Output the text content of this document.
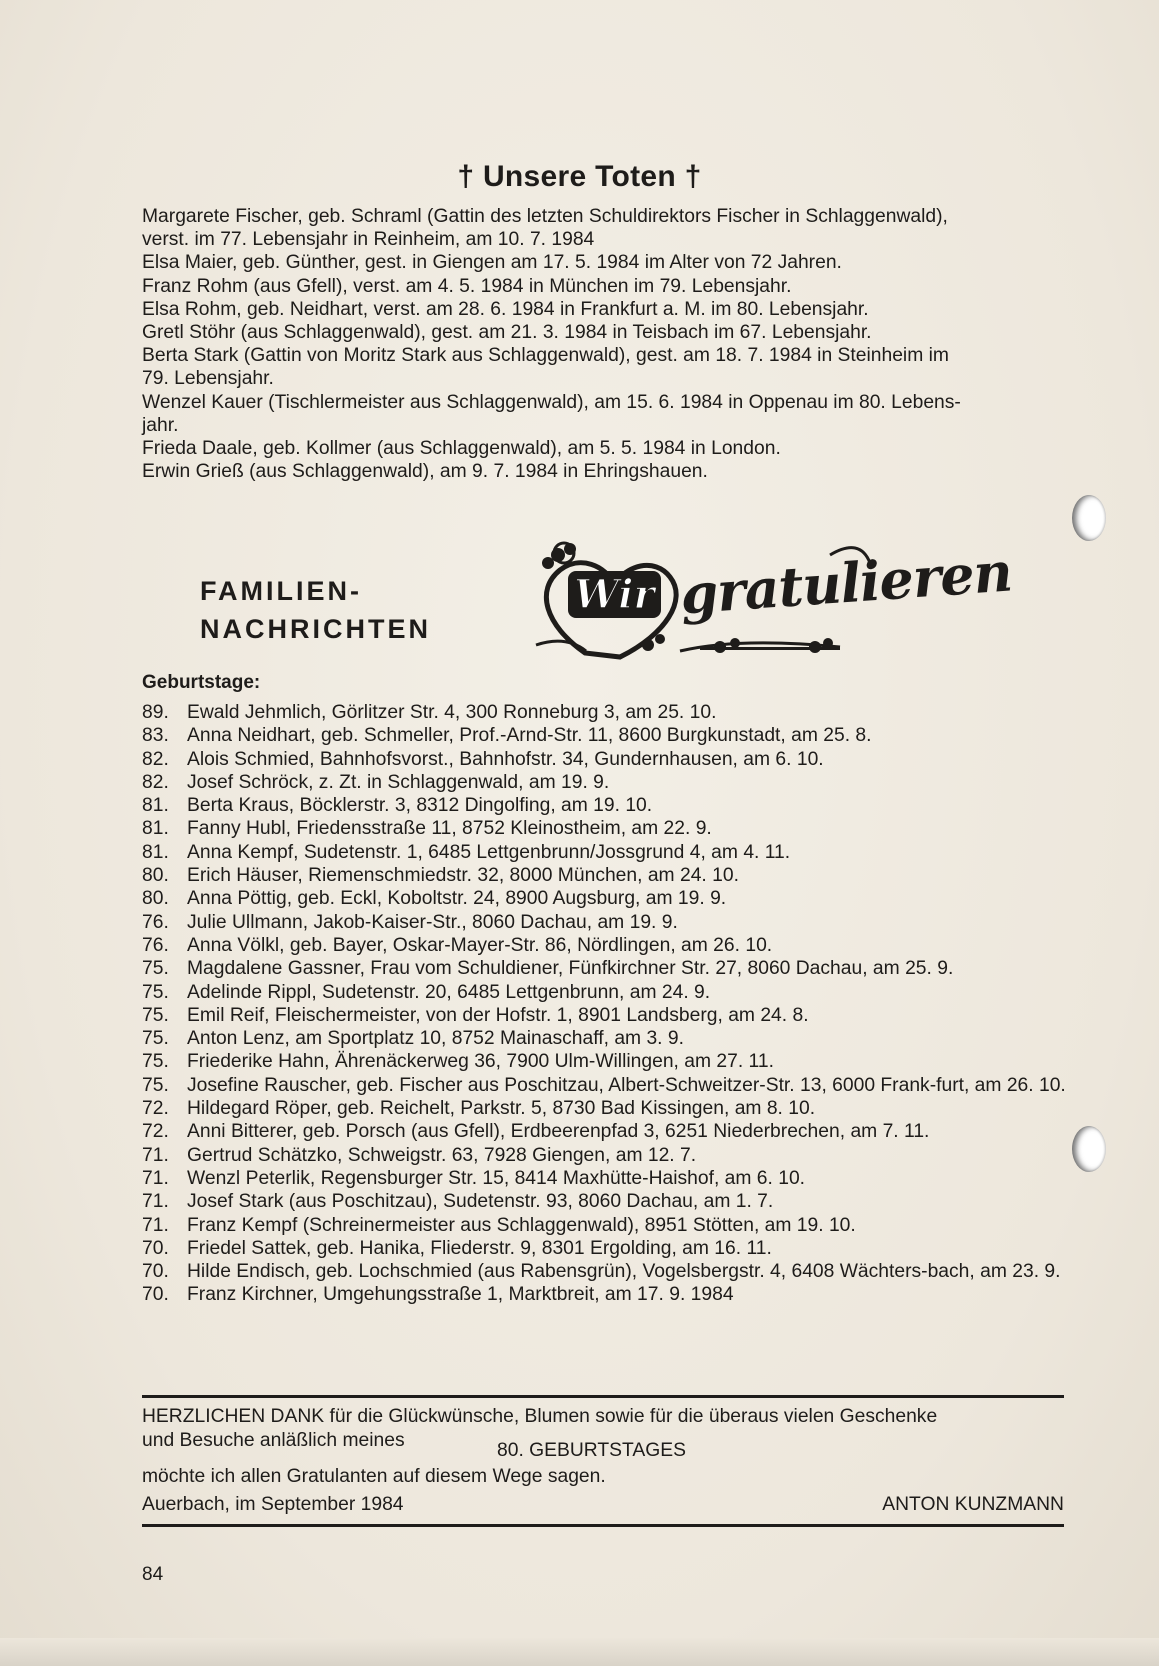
† Unsere Toten †
Margarete Fischer, geb. Schraml (Gattin des letzten Schuldirektors Fischer in Schlaggenwald),
verst. im 77. Lebensjahr in Reinheim, am 10. 7. 1984
Elsa Maier, geb. Günther, gest. in Giengen am 17. 5. 1984 im Alter von 72 Jahren.
Franz Rohm (aus Gfell), verst. am 4. 5. 1984 in München im 79. Lebensjahr.
Elsa Rohm, geb. Neidhart, verst. am 28. 6. 1984 in Frankfurt a. M. im 80. Lebensjahr.
Gretl Stöhr (aus Schlaggenwald), gest. am 21. 3. 1984 in Teisbach im 67. Lebensjahr.
Berta Stark (Gattin von Moritz Stark aus Schlaggenwald), gest. am 18. 7. 1984 in Steinheim im
79. Lebensjahr.
Wenzel Kauer (Tischlermeister aus Schlaggenwald), am 15. 6. 1984 in Oppenau im 80. Lebens-
jahr.
Frieda Daale, geb. Kollmer (aus Schlaggenwald), am 5. 5. 1984 in London.
Erwin Grieß (aus Schlaggenwald), am 9. 7. 1984 in Ehringshauen.
FAMILIEN-
NACHRICHTEN
Wir gratulieren
Geburtstage:
89. Ewald Jehmlich, Görlitzer Str. 4, 300 Ronneburg 3, am 25. 10.
83. Anna Neidhart, geb. Schmeller, Prof.-Arnd-Str. 11, 8600 Burgkunstadt, am 25. 8.
82. Alois Schmied, Bahnhofsvorst., Bahnhofstr. 34, Gundernhausen, am 6. 10.
82. Josef Schröck, z. Zt. in Schlaggenwald, am 19. 9.
81. Berta Kraus, Böcklerstr. 3, 8312 Dingolfing, am 19. 10.
81. Fanny Hubl, Friedensstraße 11, 8752 Kleinostheim, am 22. 9.
81. Anna Kempf, Sudetenstr. 1, 6485 Lettgenbrunn/Jossgrund 4, am 4. 11.
80. Erich Häuser, Riemenschmiedstr. 32, 8000 München, am 24. 10.
80. Anna Pöttig, geb. Eckl, Koboltstr. 24, 8900 Augsburg, am 19. 9.
76. Julie Ullmann, Jakob-Kaiser-Str., 8060 Dachau, am 19. 9.
76. Anna Völkl, geb. Bayer, Oskar-Mayer-Str. 86, Nördlingen, am 26. 10.
75. Magdalene Gassner, Frau vom Schuldiener, Fünfkirchner Str. 27, 8060 Dachau, am 25. 9.
75. Adelinde Rippl, Sudetenstr. 20, 6485 Lettgenbrunn, am 24. 9.
75. Emil Reif, Fleischermeister, von der Hofstr. 1, 8901 Landsberg, am 24. 8.
75. Anton Lenz, am Sportplatz 10, 8752 Mainaschaff, am 3. 9.
75. Friederike Hahn, Ährenäckerweg 36, 7900 Ulm-Willingen, am 27. 11.
75. Josefine Rauscher, geb. Fischer aus Poschitzau, Albert-Schweitzer-Str. 13, 6000 Frank-furt, am 26. 10.
72. Hildegard Röper, geb. Reichelt, Parkstr. 5, 8730 Bad Kissingen, am 8. 10.
72. Anni Bitterer, geb. Porsch (aus Gfell), Erdbeerenpfad 3, 6251 Niederbrechen, am 7. 11.
71. Gertrud Schätzko, Schweigstr. 63, 7928 Giengen, am 12. 7.
71. Wenzl Peterlik, Regensburger Str. 15, 8414 Maxhütte-Haishof, am 6. 10.
71. Josef Stark (aus Poschitzau), Sudetenstr. 93, 8060 Dachau, am 1. 7.
71. Franz Kempf (Schreinermeister aus Schlaggenwald), 8951 Stötten, am 19. 10.
70. Friedel Sattek, geb. Hanika, Fliederstr. 9, 8301 Ergolding, am 16. 11.
70. Hilde Endisch, geb. Lochschmied (aus Rabensgrün), Vogelsbergstr. 4, 6408 Wächters-bach, am 23. 9.
70. Franz Kirchner, Umgehungsstraße 1, Marktbreit, am 17. 9. 1984
HERZLICHEN DANK für die Glückwünsche, Blumen sowie für die überaus vielen Geschenke
und Besuche anläßlich meines	80. GEBURTSTAGES
möchte ich allen Gratulanten auf diesem Wege sagen.
Auerbach, im September 1984	ANTON KUNZMANN
84
